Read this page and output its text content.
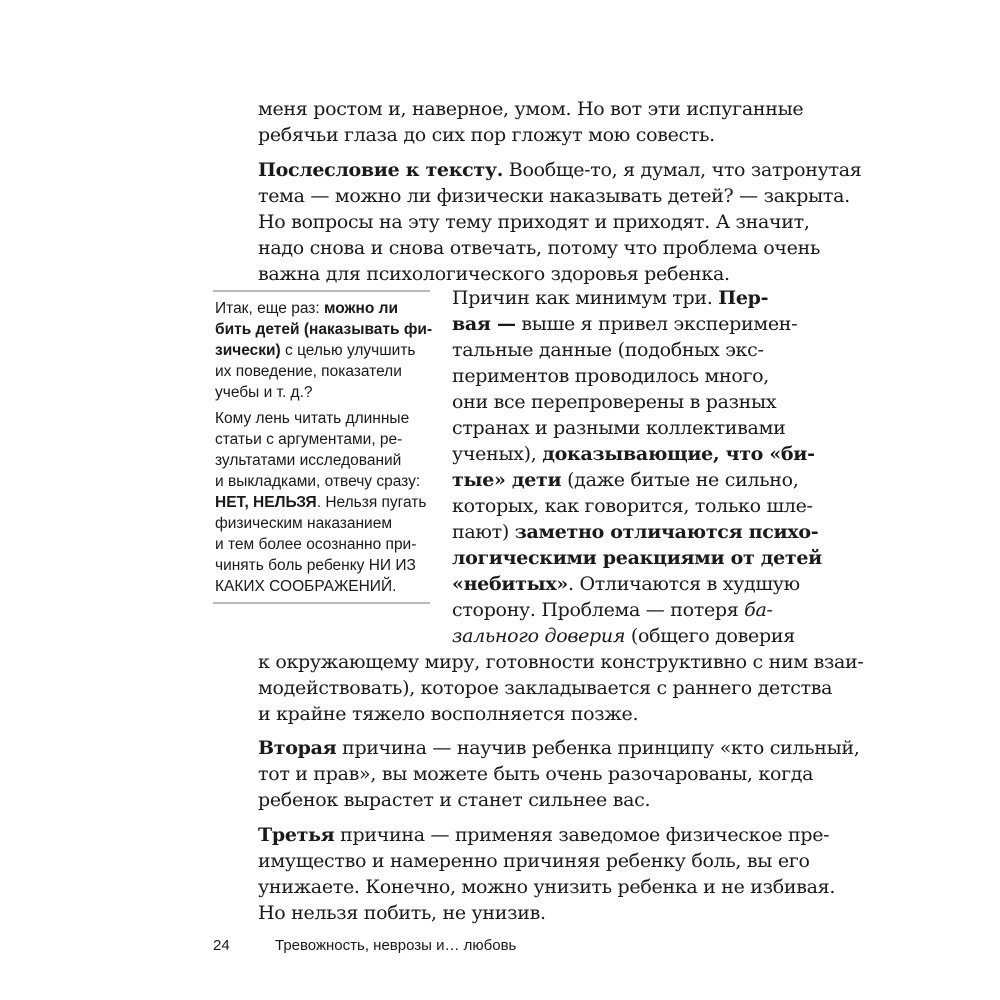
меня ростом и, наверное, умом. Но вот эти испуганные
ребячьи глаза до сих пор гложут мою совесть.
Послесловие к тексту. Вообще-то, я думал, что затронутая
тема — можно ли физически наказывать детей? — закрыта.
Но вопросы на эту тему приходят и приходят. А значит,
надо снова и снова отвечать, потому что проблема очень
важна для психологического здоровья ребенка.
Итак, еще раз: можно ли
бить детей (наказывать фи-
зически) с целью улучшить
их поведение, показатели
учебы и т. д.?
Кому лень читать длинные
статьи с аргументами, ре-
зультатами исследований
и выкладками, отвечу сразу:
НЕТ, НЕЛЬЗЯ. Нельзя пугать
физическим наказанием
и тем более осознанно при-
чинять боль ребенку НИ ИЗ
КАКИХ СООБРАЖЕНИЙ.
Причин как минимум три. Пер-
вая — выше я привел эксперимен-
тальные данные (подобных экс-
периментов проводилось много,
они все перепроверены в разных
странах и разными коллективами
ученых), доказывающие, что «би-
тые» дети (даже битые не сильно,
которых, как говорится, только шле-
пают) заметно отличаются психо-
логическими реакциями от детей
«небитых». Отличаются в худшую
сторону. Проблема — потеря ба-
зального доверия (общего доверия
к окружающему миру, готовности конструктивно с ним взаи-
модействовать), которое закладывается с раннего детства
и крайне тяжело восполняется позже.
Вторая причина — научив ребенка принципу «кто сильный,
тот и прав», вы можете быть очень разочарованы, когда
ребенок вырастет и станет сильнее вас.
Третья причина — применяя заведомое физическое пре-
имущество и намеренно причиняя ребенку боль, вы его
унижаете. Конечно, можно унизить ребенка и не избивая.
Но нельзя побить, не унизив.
24	Тревожность, неврозы и… любовь
